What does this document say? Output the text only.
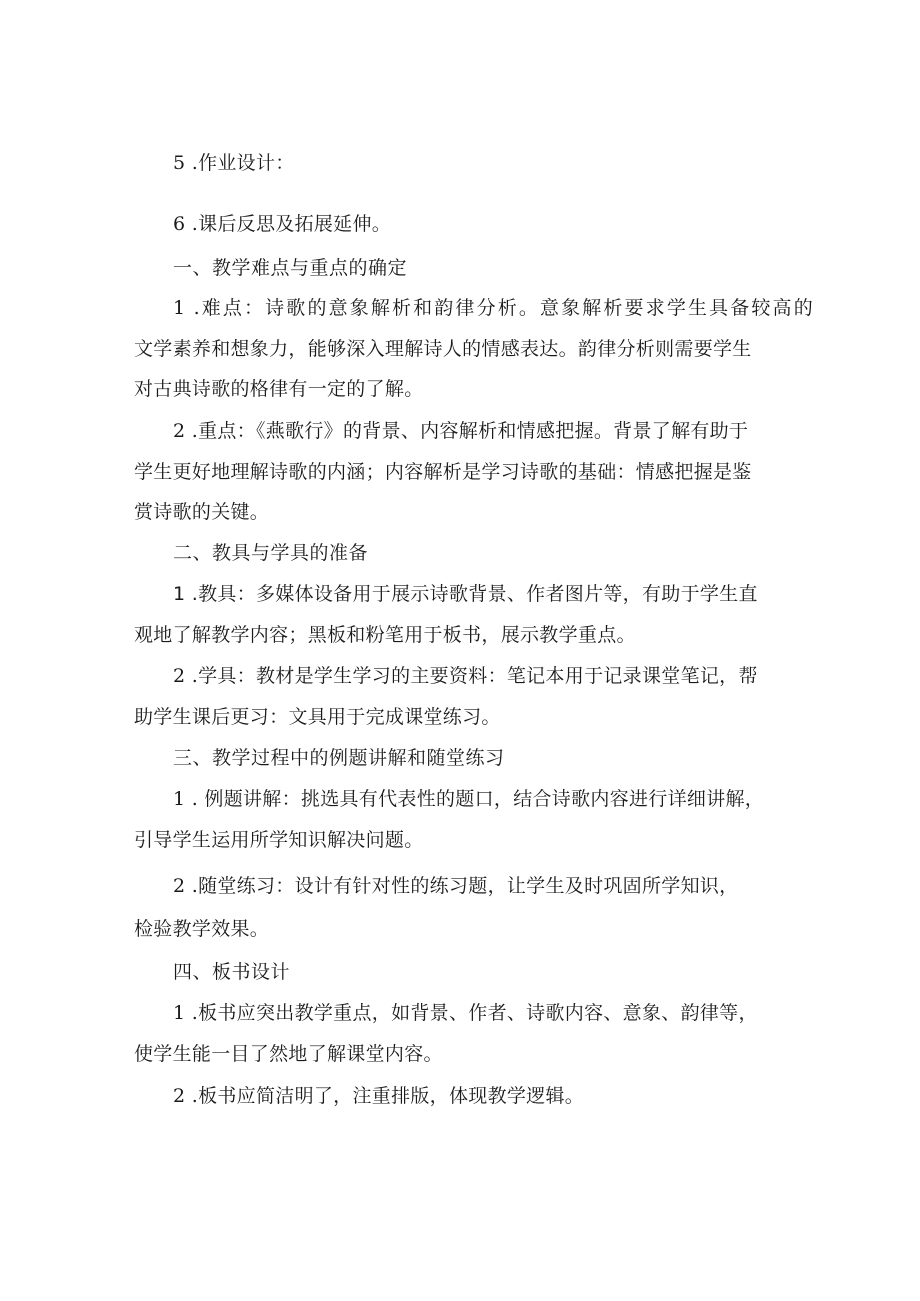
5 .作业设计：
6 .课后反思及拓展延伸。
一、教学难点与重点的确定
1 .难点：诗歌的意象解析和韵律分析。意象解析要求学生具备较高的
文学素养和想象力，能够深入理解诗人的情感表达。韵律分析则需要学生
对古典诗歌的格律有一定的了解。
2 .重点：《燕歌行》的背景、内容解析和情感把握。背景了解有助于
学生更好地理解诗歌的内涵；内容解析是学习诗歌的基础：情感把握是鉴
赏诗歌的关键。
二、教具与学具的准备
1 .教具：多媒体设备用于展示诗歌背景、作者图片等，有助于学生直
观地了解教学内容；黑板和粉笔用于板书，展示教学重点。
2 .学具：教材是学生学习的主要资料：笔记本用于记录课堂笔记，帮
助学生课后更习：文具用于完成课堂练习。
三、教学过程中的例题讲解和随堂练习
1 . 例题讲解：挑选具有代表性的题口，结合诗歌内容进行详细讲解，
引导学生运用所学知识解决问题。
2 .随堂练习：设计有针对性的练习题，让学生及时巩固所学知识，
检验教学效果。
四、板书设计
1 .板书应突出教学重点，如背景、作者、诗歌内容、意象、韵律等，
使学生能一目了然地了解课堂内容。
2 .板书应简洁明了，注重排版，体现教学逻辑。
